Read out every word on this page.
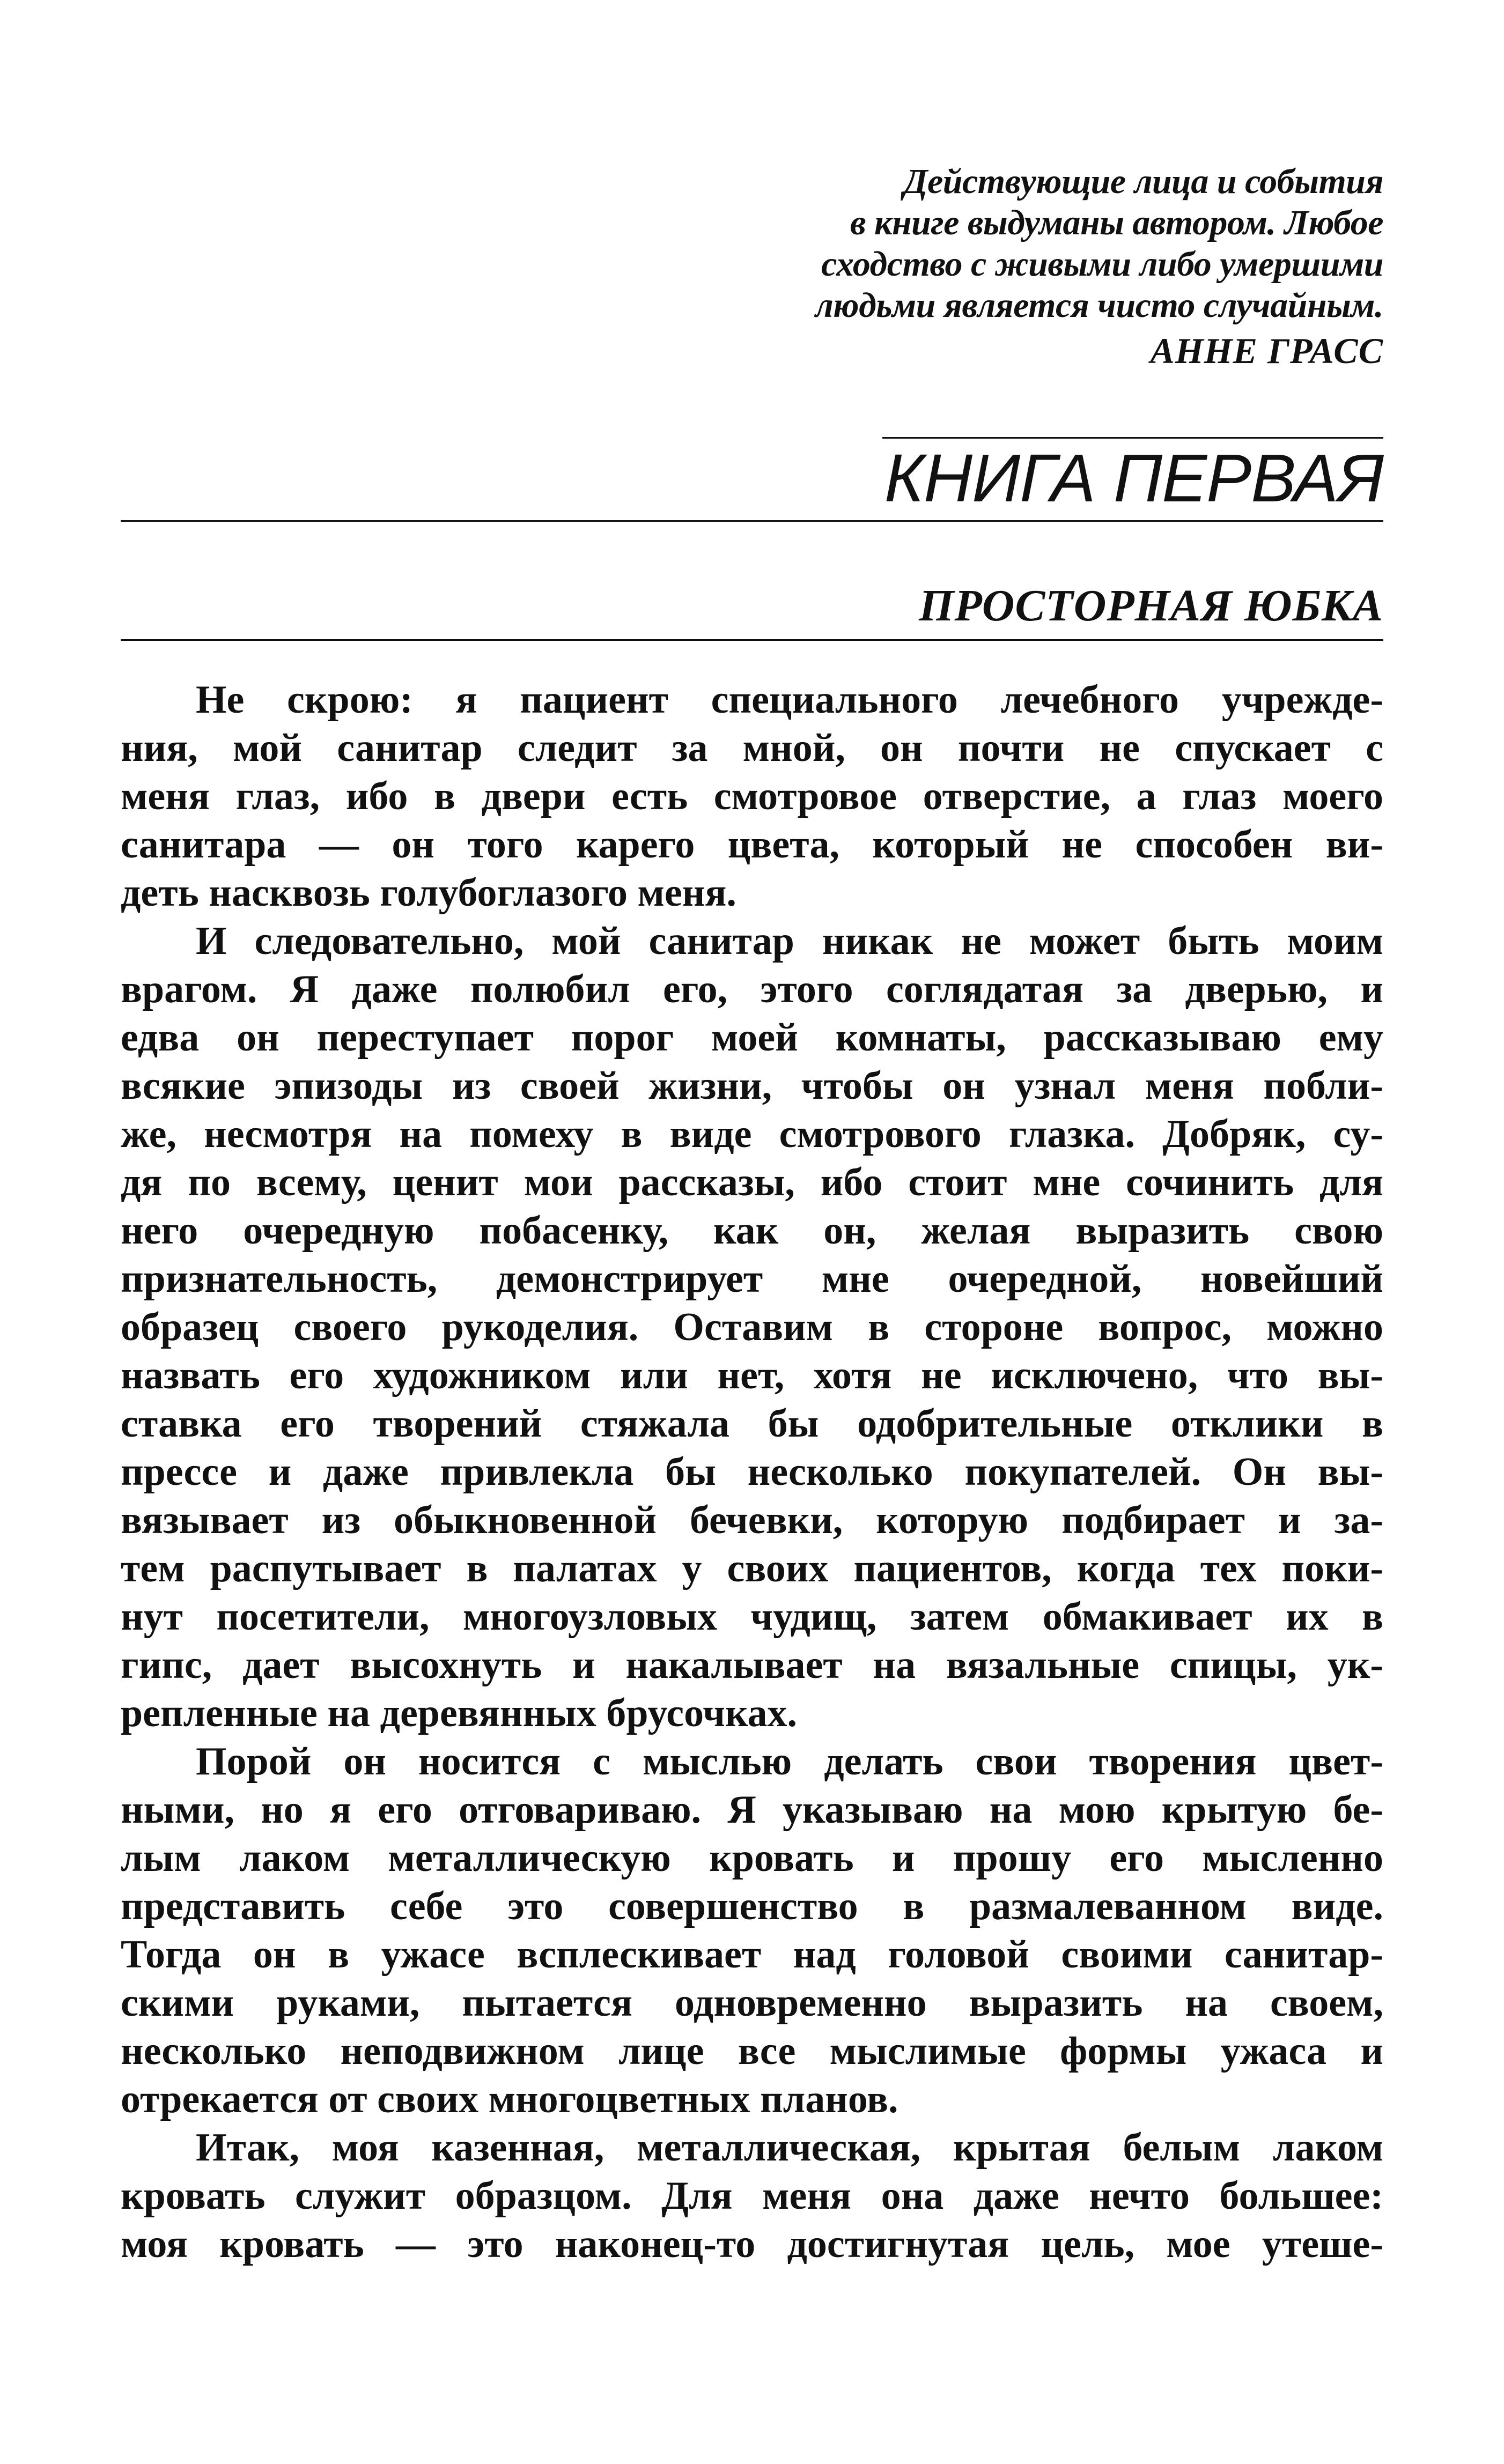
Действующие лица и события
в книге выдуманы автором. Любое
сходство с живыми либо умершими
людьми является чисто случайным.
АННЕ ГРАСС
КНИГА ПЕРВАЯ
ПРОСТОРНАЯ ЮБКА
Не скрою: я пациент специального лечебного учрежде-
ния, мой санитар следит за мной, он почти не спускает с
меня глаз, ибо в двери есть смотровое отверстие, а глаз моего
санитара — он того карего цвета, который не способен ви-
деть насквозь голубоглазого меня.
И следовательно, мой санитар никак не может быть моим
врагом. Я даже полюбил его, этого соглядатая за дверью, и
едва он переступает порог моей комнаты, рассказываю ему
всякие эпизоды из своей жизни, чтобы он узнал меня побли-
же, несмотря на помеху в виде смотрового глазка. Добряк, су-
дя по всему, ценит мои рассказы, ибо стоит мне сочинить для
него очередную побасенку, как он, желая выразить свою
признательность, демонстрирует мне очередной, новейший
образец своего рукоделия. Оставим в стороне вопрос, можно
назвать его художником или нет, хотя не исключено, что вы-
ставка его творений стяжала бы одобрительные отклики в
прессе и даже привлекла бы несколько покупателей. Он вы-
вязывает из обыкновенной бечевки, которую подбирает и за-
тем распутывает в палатах у своих пациентов, когда тех поки-
нут посетители, многоузловых чудищ, затем обмакивает их в
гипс, дает высохнуть и накалывает на вязальные спицы, ук-
репленные на деревянных брусочках.
Порой он носится с мыслью делать свои творения цвет-
ными, но я его отговариваю. Я указываю на мою крытую бе-
лым лаком металлическую кровать и прошу его мысленно
представить себе это совершенство в размалеванном виде.
Тогда он в ужасе всплескивает над головой своими санитар-
скими руками, пытается одновременно выразить на своем,
несколько неподвижном лице все мыслимые формы ужаса и
отрекается от своих многоцветных планов.
Итак, моя казенная, металлическая, крытая белым лаком
кровать служит образцом. Для меня она даже нечто большее:
моя кровать — это наконец-то достигнутая цель, мое утеше-
